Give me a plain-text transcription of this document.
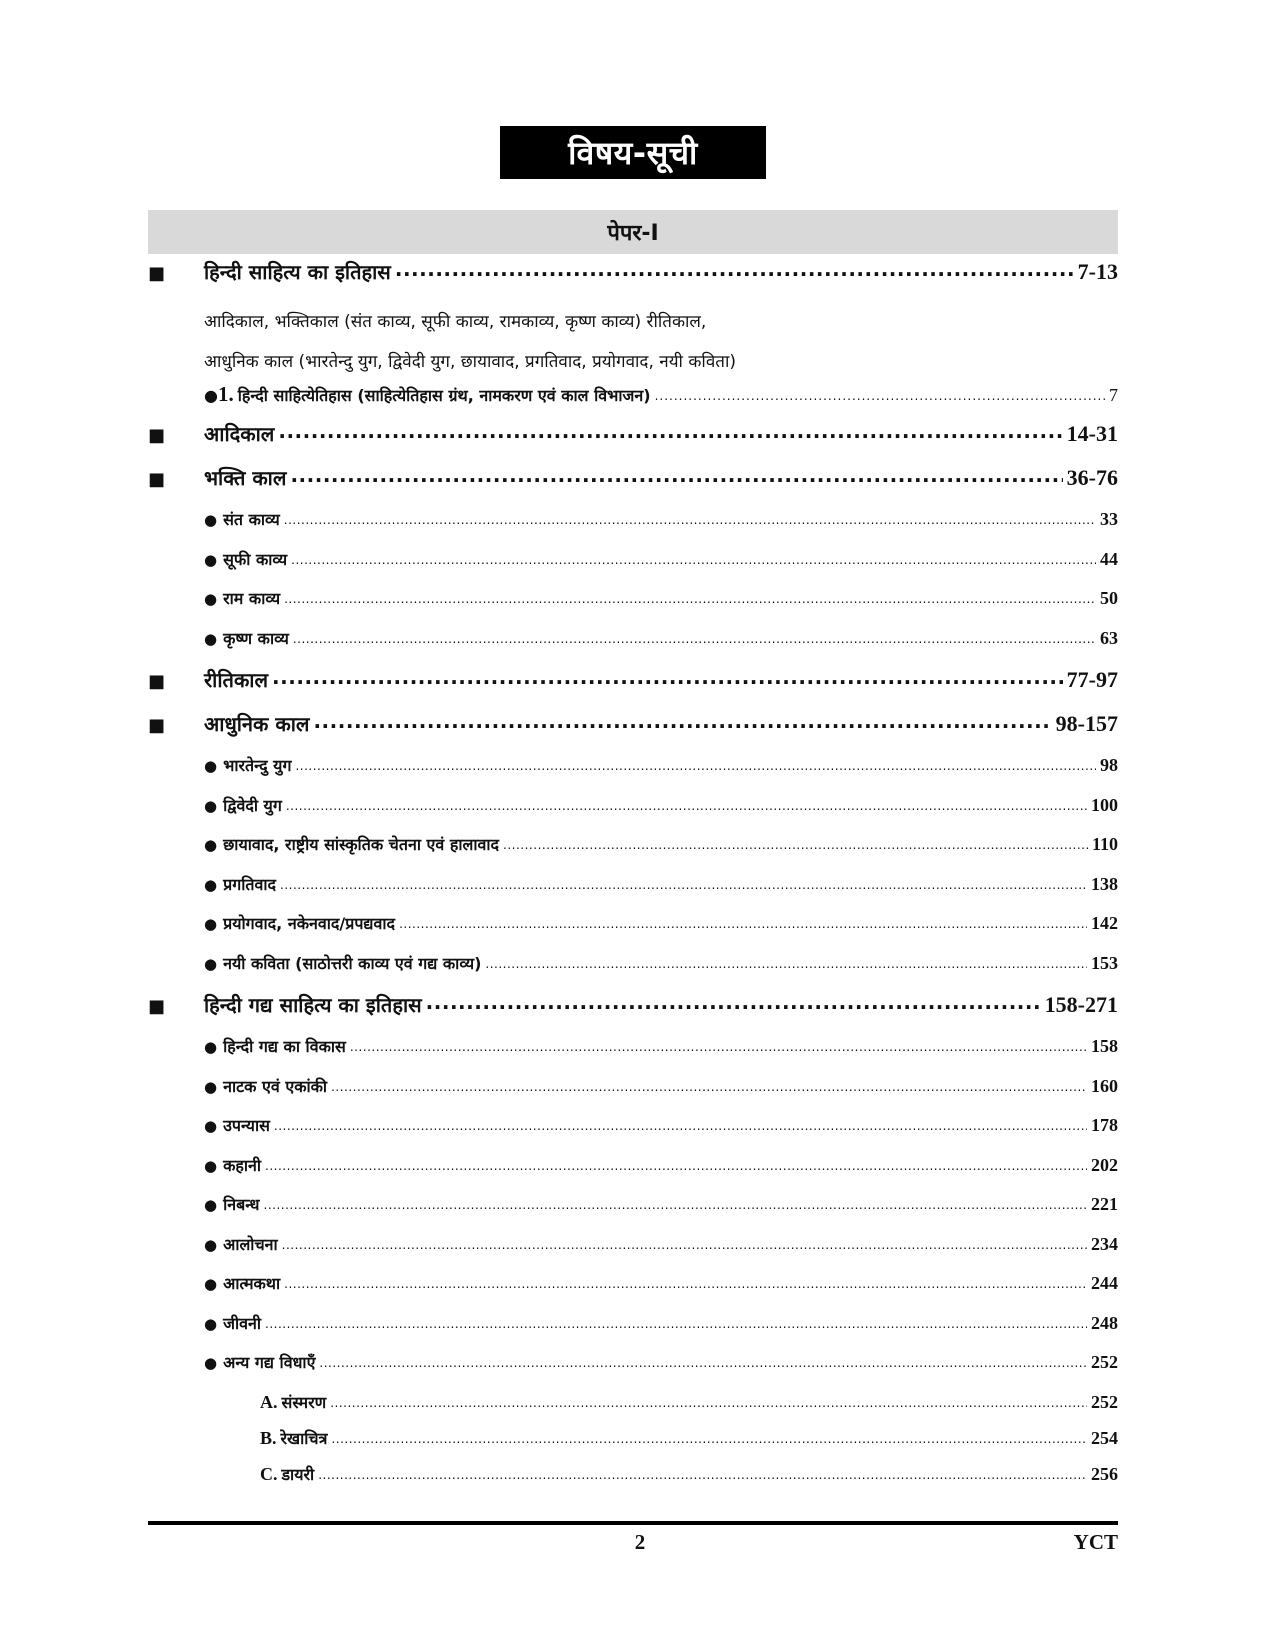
विषय-सूची
पेपर-I
■	हिन्दी साहित्य का इतिहास .....	7-13
आदिकाल, भक्तिकाल (संत काव्य, सूफी काव्य, रामकाव्य, कृष्ण काव्य) रीतिकाल,
आधुनिक काल (भारतेन्दु युग, द्विवेदी युग, छायावाद, प्रगतिवाद, प्रयोगवाद, नयी कविता)
● 1. हिन्दी साहित्येतिहास (साहित्येतिहास ग्रंथ, नामकरण एवं काल विभाजन) .....	7
■	आदिकाल .....	14-31
■	भक्ति काल .....	36-76
● संत काव्य .....	33
● सूफी काव्य .....	44
● राम काव्य .....	50
● कृष्ण काव्य .....	63
■	रीतिकाल .....	77-97
■	आधुनिक काल .....	98-157
● भारतेन्दु युग .....	98
● द्विवेदी युग .....	100
● छायावाद, राष्ट्रीय सांस्कृतिक चेतना एवं हालावाद .....	110
● प्रगतिवाद .....	138
● प्रयोगवाद, नकेनवाद/प्रपद्यवाद .....	142
● नयी कविता (साठोत्तरी काव्य एवं गद्य काव्य) .....	153
■	हिन्दी गद्य साहित्य का इतिहास .....	158-271
● हिन्दी गद्य का विकास .....	158
● नाटक एवं एकांकी .....	160
● उपन्यास .....	178
● कहानी .....	202
● निबन्ध .....	221
● आलोचना .....	234
● आत्मकथा .....	244
● जीवनी .....	248
● अन्य गद्य विधाएँ .....	252
A. संस्मरण .....	252
B. रेखाचित्र .....	254
C. डायरी .....	256
2	YCT
